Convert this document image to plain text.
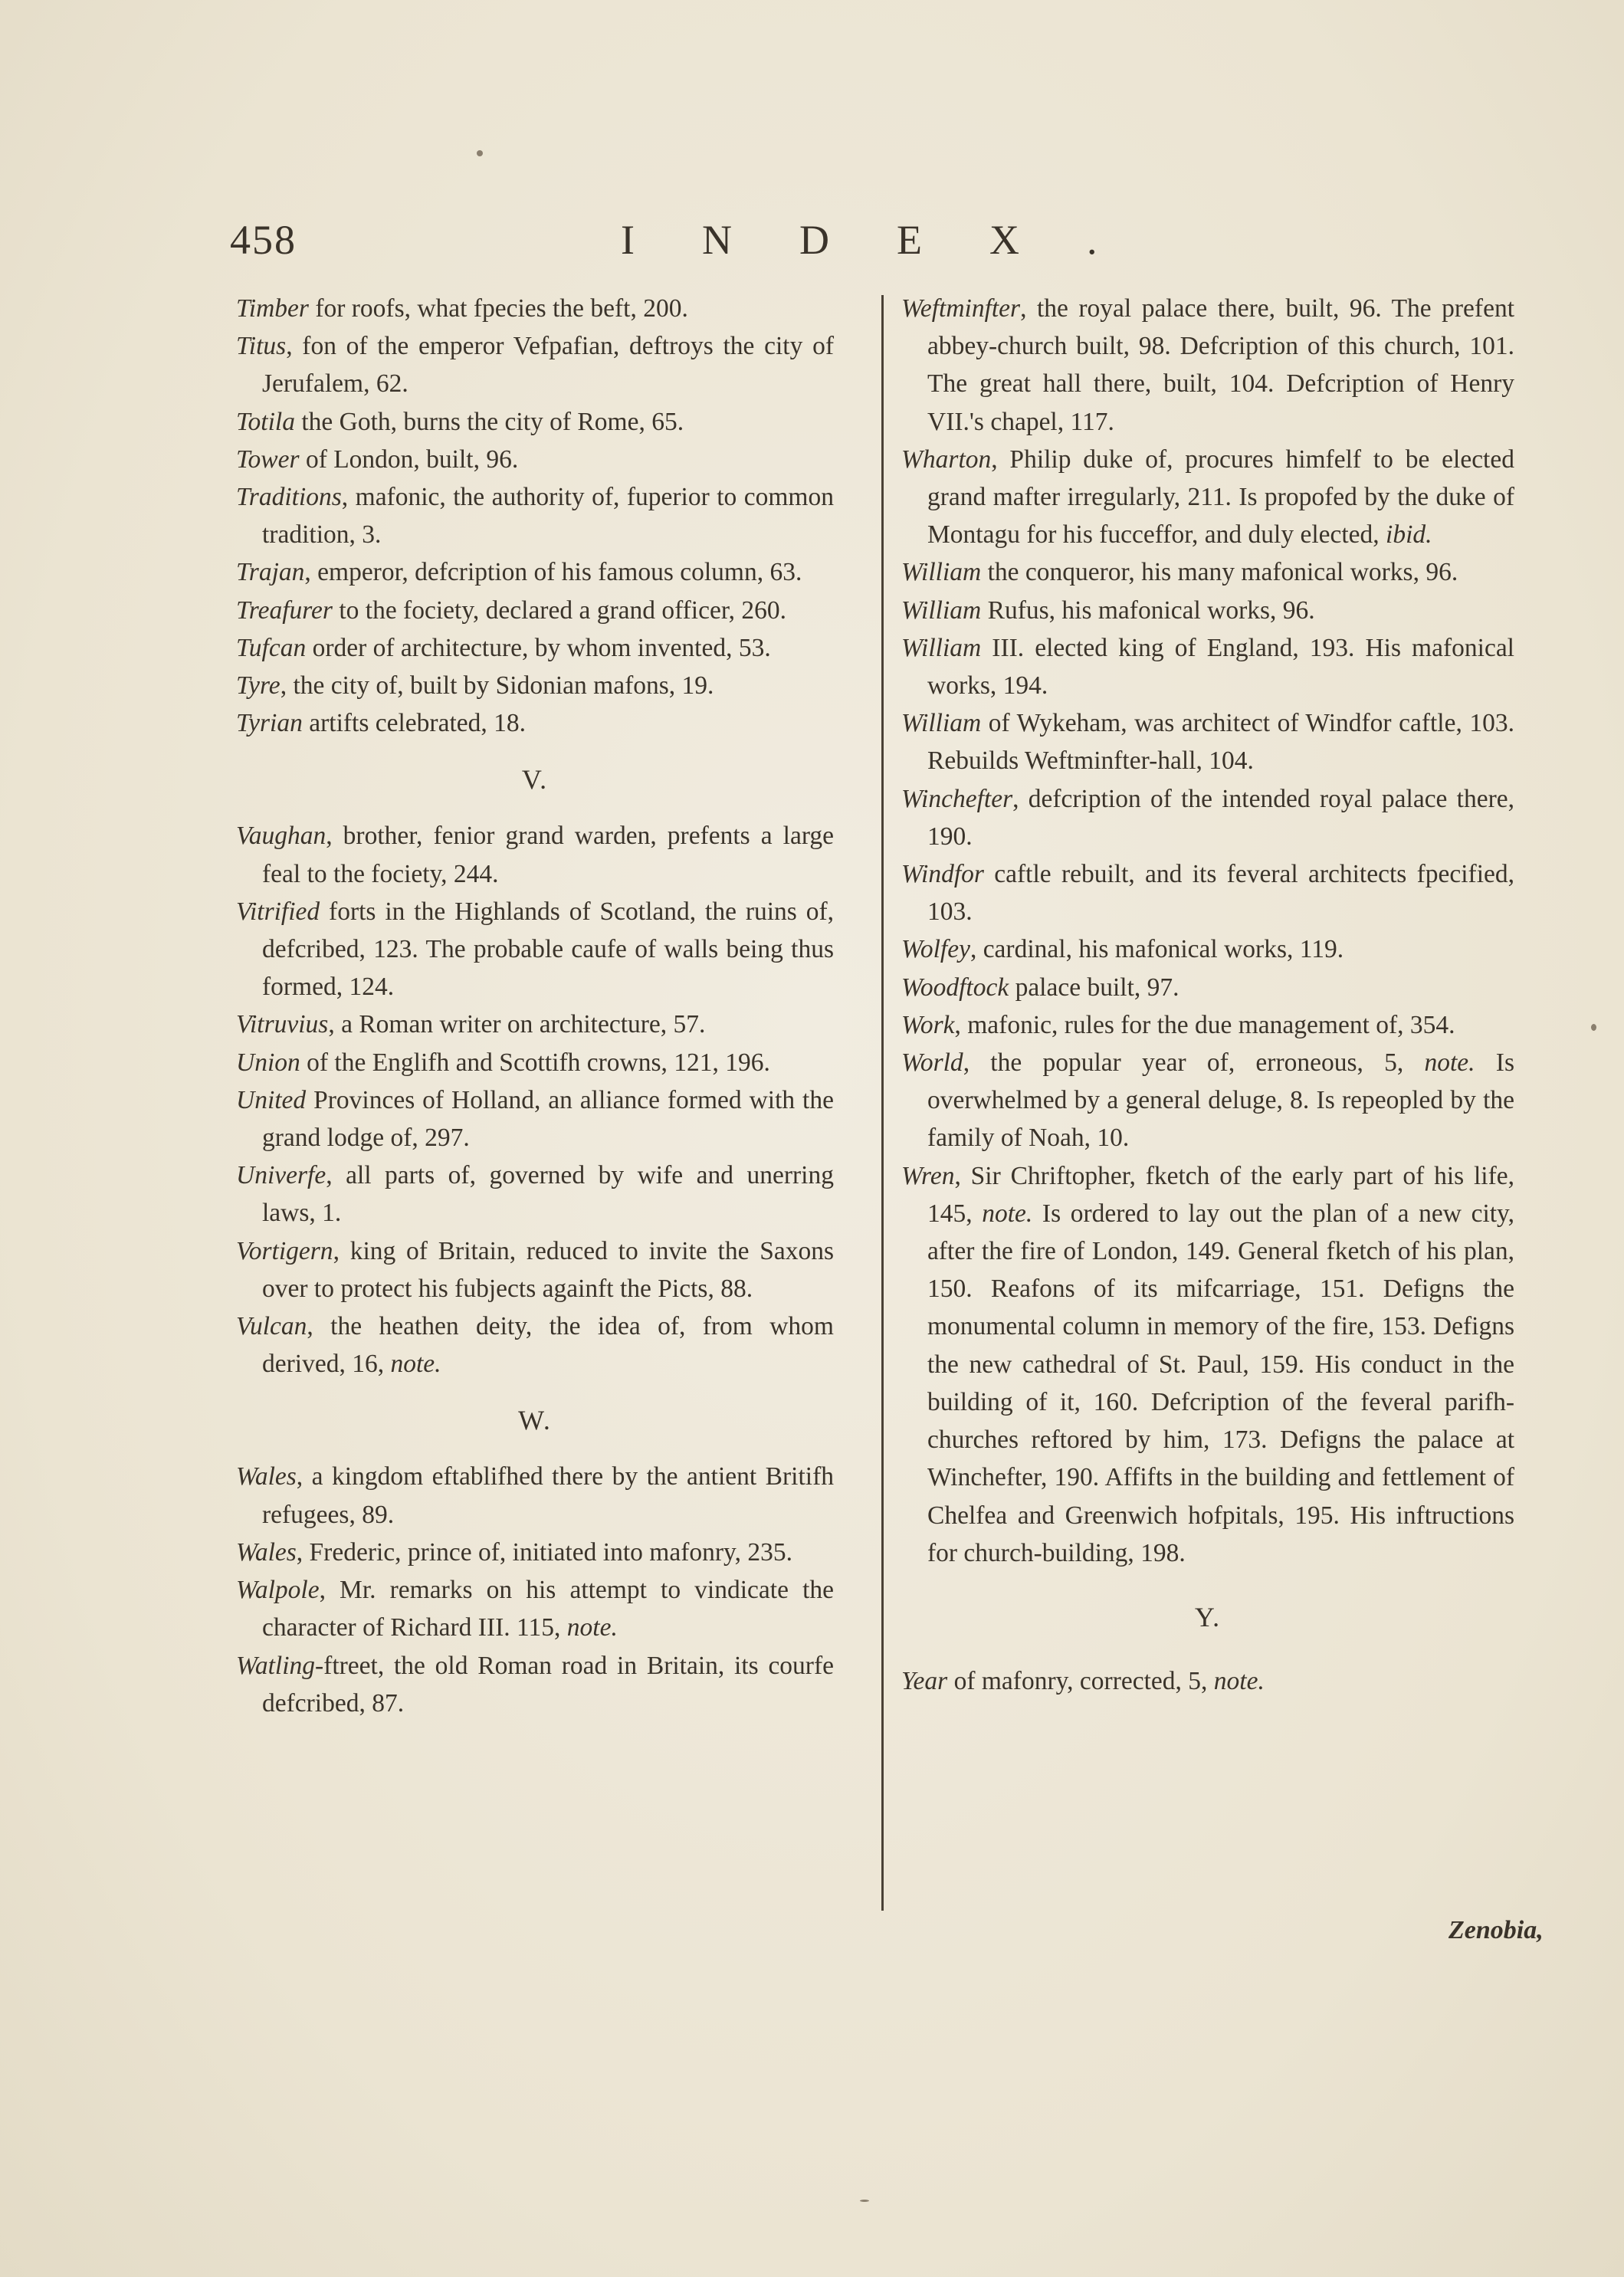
458	INDEX.

Timber for roofs, what fpecies the beft, 200.

Titus, fon of the emperor Vefpafian, deftroys the city of Jerufalem, 62.

Totila the Goth, burns the city of Rome, 65.

Tower of London, built, 96.

Traditions, mafonic, the authority of, fuperior to common tradition, 3.

Trajan, emperor, defcription of his famous column, 63.

Treafurer to the fociety, declared a grand officer, 260.

Tufcan order of architecture, by whom invented, 53.

Tyre, the city of, built by Sidonian mafons, 19.

Tyrian artifts celebrated, 18.

V.

Vaughan, brother, fenior grand warden, prefents a large feal to the fociety, 244.

Vitrified forts in the Highlands of Scotland, the ruins of, defcribed, 123. The probable caufe of walls being thus formed, 124.

Vitruvius, a Roman writer on architecture, 57.

Union of the Englifh and Scottifh crowns, 121, 196.

United Provinces of Holland, an alliance formed with the grand lodge of, 297.

Univerfe, all parts of, governed by wife and unerring laws, 1.

Vortigern, king of Britain, reduced to invite the Saxons over to protect his fubjects againft the Picts, 88.

Vulcan, the heathen deity, the idea of, from whom derived, 16, note.

W.

Wales, a kingdom eftablifhed there by the antient Britifh refugees, 89.

Wales, Frederic, prince of, initiated into mafonry, 235.

Walpole, Mr. remarks on his attempt to vindicate the character of Richard III. 115, note.

Watling-ftreet, the old Roman road in Britain, its courfe defcribed, 87.

Weftminfter, the royal palace there, built, 96. The prefent abbey-church built, 98. Defcription of this church, 101. The great hall there, built, 104. Defcription of Henry VII.'s chapel, 117.

Wharton, Philip duke of, procures himfelf to be elected grand mafter irregularly, 211. Is propofed by the duke of Montagu for his fucceffor, and duly elected, ibid.

William the conqueror, his many mafonical works, 96.

William Rufus, his mafonical works, 96.

William III. elected king of England, 193. His mafonical works, 194.

William of Wykeham, was architect of Windfor caftle, 103. Rebuilds Weftminfter-hall, 104.

Winchefter, defcription of the intended royal palace there, 190.

Windfor caftle rebuilt, and its feveral architects fpecified, 103.

Wolfey, cardinal, his mafonical works, 119.

Woodftock palace built, 97.

Work, mafonic, rules for the due management of, 354.

World, the popular year of, erroneous, 5, note. Is overwhelmed by a general deluge, 8. Is repeopled by the family of Noah, 10.

Wren, Sir Chriftopher, fketch of the early part of his life, 145, note. Is ordered to lay out the plan of a new city, after the fire of London, 149. General fketch of his plan, 150. Reafons of its mifcarriage, 151. Defigns the monumental column in memory of the fire, 153. Defigns the new cathedral of St. Paul, 159. His conduct in the building of it, 160. Defcription of the feveral parifh-churches reftored by him, 173. Defigns the palace at Winchefter, 190. Affifts in the building and fettlement of Chelfea and Greenwich hofpitals, 195. His inftructions for church-building, 198.

Y.

Year of mafonry, corrected, 5, note.

Zenobia,
